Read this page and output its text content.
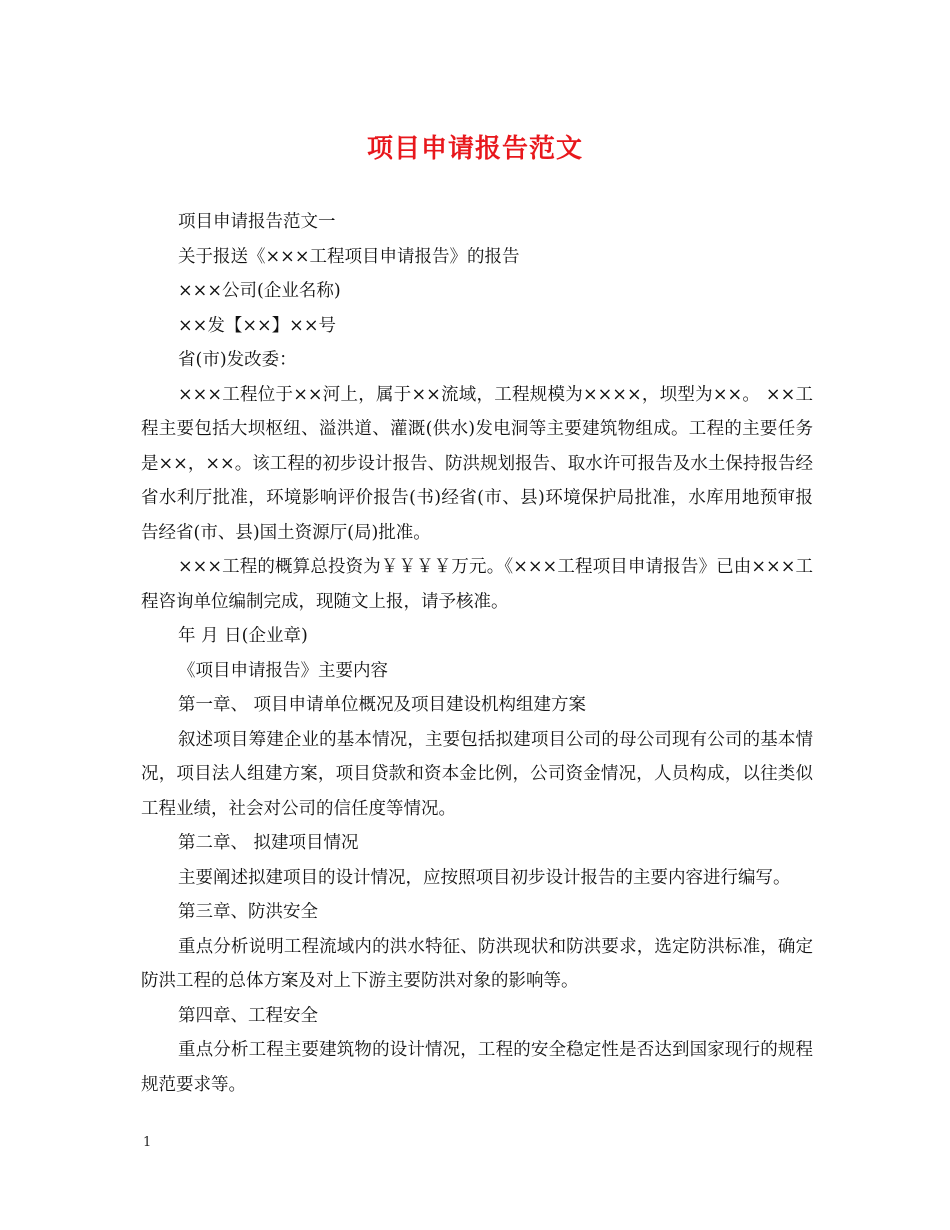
项目申请报告范文

项目申请报告范文一

关于报送《×××工程项目申请报告》的报告

×××公司(企业名称)

××发【××】××号

省(市)发改委：

×××工程位于××河上，属于××流域，工程规模为××××，坝型为××。 ××工程主要包括大坝枢纽、溢洪道、灌溉(供水)发电洞等主要建筑物组成。工程的主要任务是××，××。该工程的初步设计报告、防洪规划报告、取水许可报告及水土保持报告经省水利厅批准，环境影响评价报告(书)经省(市、县)环境保护局批准，水库用地预审报告经省(市、县)国土资源厅(局)批准。

×××工程的概算总投资为￥￥￥￥万元。《×××工程项目申请报告》已由×××工程咨询单位编制完成，现随文上报，请予核准。

年 月 日(企业章)

《项目申请报告》主要内容

第一章、 项目申请单位概况及项目建设机构组建方案

叙述项目筹建企业的基本情况，主要包括拟建项目公司的母公司现有公司的基本情况，项目法人组建方案，项目贷款和资本金比例，公司资金情况，人员构成，以往类似工程业绩，社会对公司的信任度等情况。

第二章、 拟建项目情况

主要阐述拟建项目的设计情况，应按照项目初步设计报告的主要内容进行编写。

第三章、防洪安全

重点分析说明工程流域内的洪水特征、防洪现状和防洪要求，选定防洪标准，确定防洪工程的总体方案及对上下游主要防洪对象的影响等。

第四章、工程安全

重点分析工程主要建筑物的设计情况，工程的安全稳定性是否达到国家现行的规程规范要求等。

1
